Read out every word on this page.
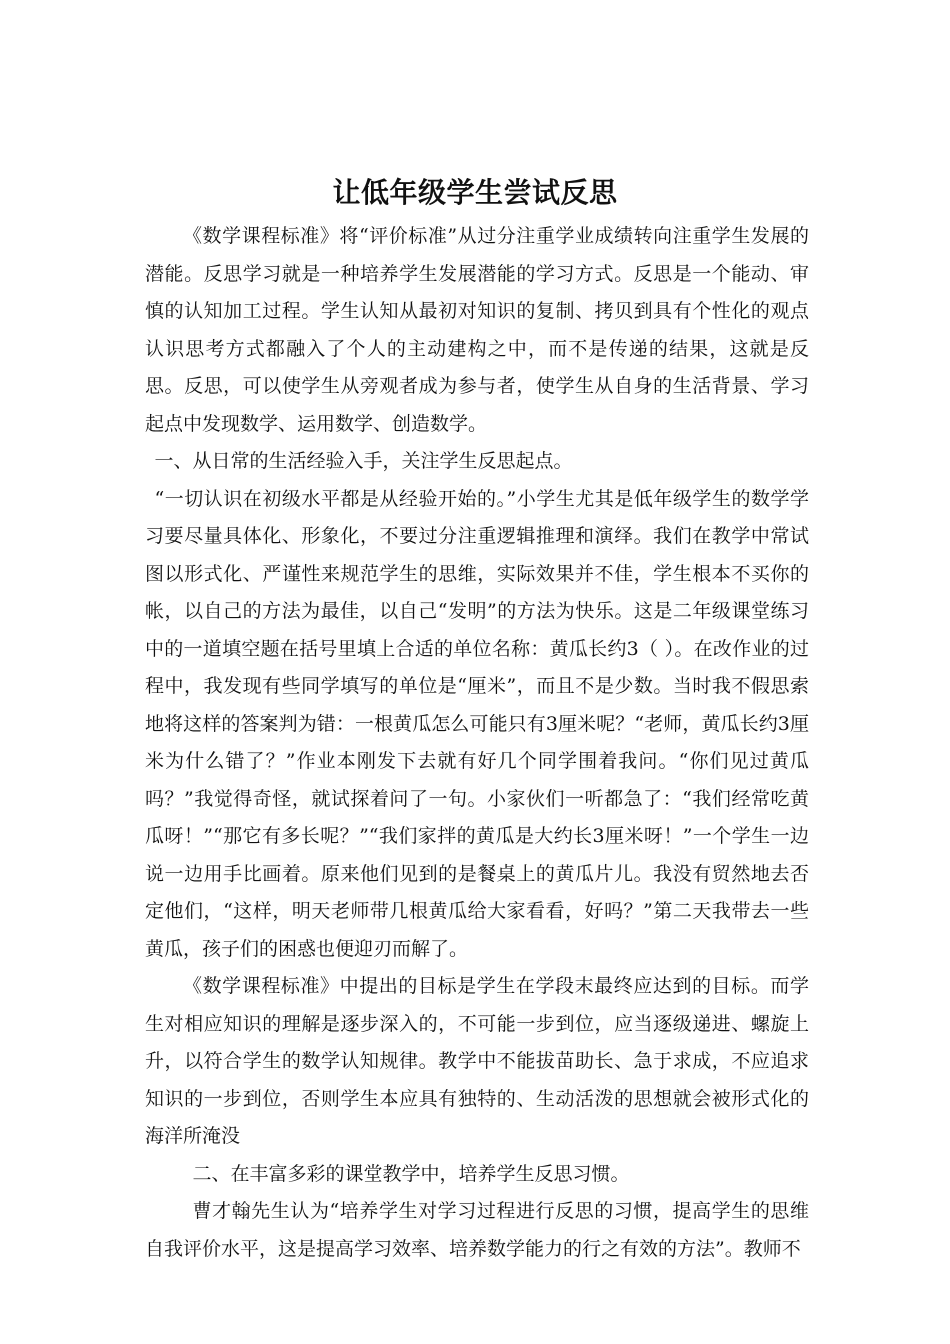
让低年级学生尝试反思

《数学课程标准》将“评价标准”从过分注重学业成绩转向注重学生发展的潜能。反思学习就是一种培养学生发展潜能的学习方式。反思是一个能动、审慎的认知加工过程。学生认知从最初对知识的复制、拷贝到具有个性化的观点认识思考方式都融入了个人的主动建构之中，而不是传递的结果，这就是反思。反思，可以使学生从旁观者成为参与者，使学生从自身的生活背景、学习起点中发现数学、运用数学、创造数学。

一、从日常的生活经验入手，关注学生反思起点。

“一切认识在初级水平都是从经验开始的。”小学生尤其是低年级学生的数学学习要尽量具体化、形象化，不要过分注重逻辑推理和演绎。我们在教学中常试图以形式化、严谨性来规范学生的思维，实际效果并不佳，学生根本不买你的帐，以自己的方法为最佳，以自己“发明”的方法为快乐。这是二年级课堂练习中的一道填空题在括号里填上合适的单位名称：黄瓜长约3（ ）。在改作业的过程中，我发现有些同学填写的单位是“厘米”，而且不是少数。当时我不假思索地将这样的答案判为错：一根黄瓜怎么可能只有3厘米呢？“老师，黄瓜长约3厘米为什么错了？”作业本刚发下去就有好几个同学围着我问。“你们见过黄瓜吗？”我觉得奇怪，就试探着问了一句。小家伙们一听都急了：“我们经常吃黄瓜呀！”“那它有多长呢？”“我们家拌的黄瓜是大约长3厘米呀！”一个学生一边说一边用手比画着。原来他们见到的是餐桌上的黄瓜片儿。我没有贸然地去否定他们，“这样，明天老师带几根黄瓜给大家看看，好吗？”第二天我带去一些黄瓜，孩子们的困惑也便迎刃而解了。

《数学课程标准》中提出的目标是学生在学段末最终应达到的目标。而学生对相应知识的理解是逐步深入的，不可能一步到位，应当逐级递进、螺旋上升，以符合学生的数学认知规律。教学中不能拔苗助长、急于求成，不应追求知识的一步到位，否则学生本应具有独特的、生动活泼的思想就会被形式化的海洋所淹没

二、在丰富多彩的课堂教学中，培养学生反思习惯。

曹才翰先生认为“培养学生对学习过程进行反思的习惯，提高学生的思维自我评价水平，这是提高学习效率、培养数学能力的行之有效的方法”。教师不
